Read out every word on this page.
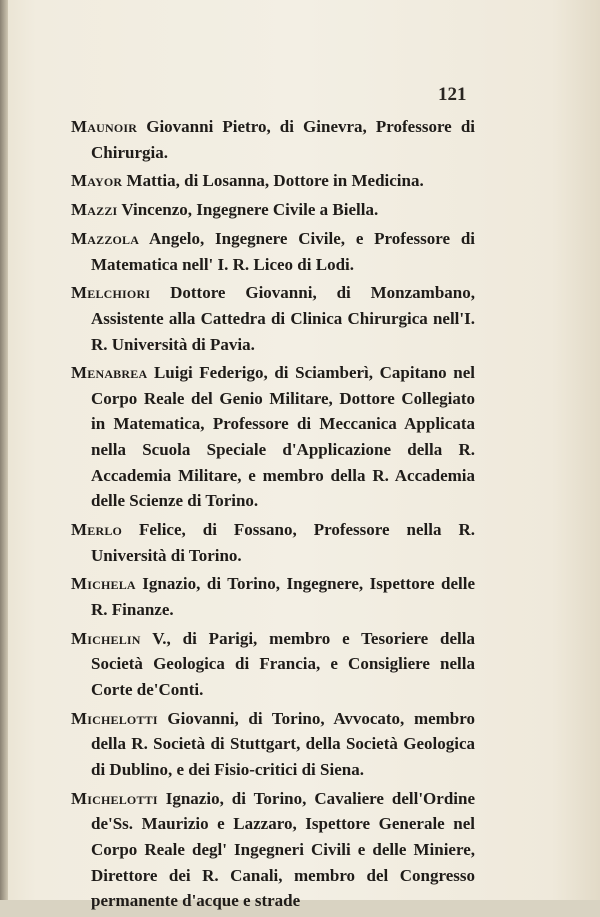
121

Maunoir Giovanni Pietro, di Ginevra, Professore di Chirurgia.

Mayor Mattia, di Losanna, Dottore in Medicina.

Mazzi Vincenzo, Ingegnere Civile a Biella.

Mazzola Angelo, Ingegnere Civile, e Professore di Matematica nell' I. R. Liceo di Lodi.

Melchiori Dottore Giovanni, di Monzambano, Assistente alla Cattedra di Clinica Chirurgica nell'I. R. Università di Pavia.

Menabrea Luigi Federigo, di Sciamberì, Capitano nel Corpo Reale del Genio Militare, Dottore Collegiato in Matematica, Professore di Meccanica Applicata nella Scuola Speciale d'Applicazione della R. Accademia Militare, e membro della R. Accademia delle Scienze di Torino.

Merlo Felice, di Fossano, Professore nella R. Università di Torino.

Michela Ignazio, di Torino, Ingegnere, Ispettore delle R. Finanze.

Michelin V., di Parigi, membro e Tesoriere della Società Geologica di Francia, e Consigliere nella Corte de'Conti.

Michelotti Giovanni, di Torino, Avvocato, membro della R. Società di Stuttgart, della Società Geologica di Dublino, e dei Fisio-critici di Siena.

Michelotti Ignazio, di Torino, Cavaliere dell'Ordine de'Ss. Maurizio e Lazzaro, Ispettore Generale nel Corpo Reale degl' Ingegneri Civili e delle Miniere, Direttore dei R. Canali, membro del Congresso permanente d'acque e strade
